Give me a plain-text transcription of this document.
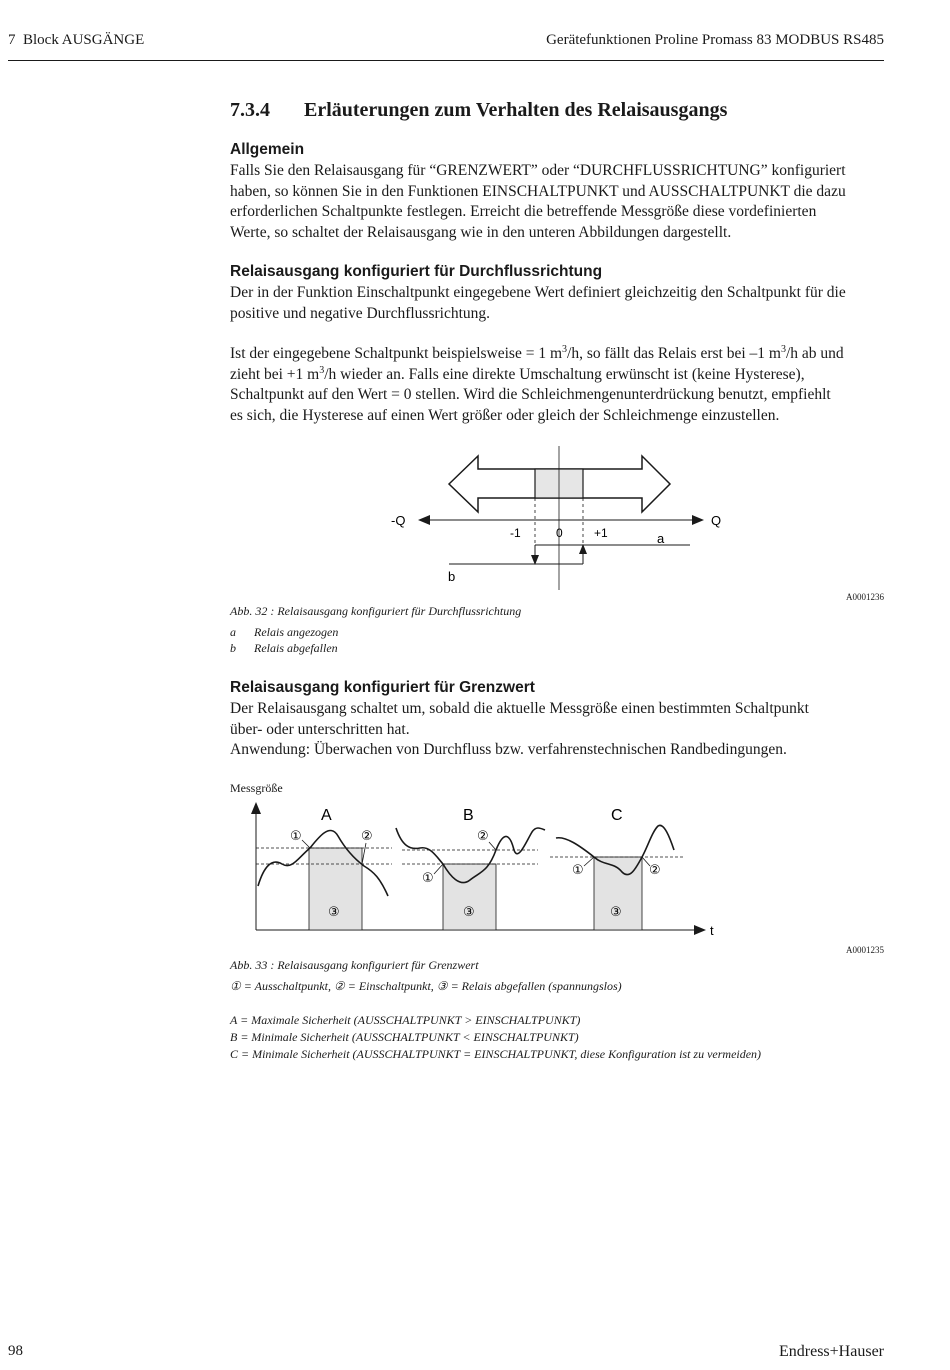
7 Block AUSGÄNGE	Gerätefunktionen Proline Promass 83 MODBUS RS485
7.3.4 Erläuterungen zum Verhalten des Relaisausgangs
Allgemein
Falls Sie den Relaisausgang für “GRENZWERT” oder “DURCHFLUSSRICHTUNG” konfiguriert
haben, so können Sie in den Funktionen EINSCHALTPUNKT und AUSSCHALTPUNKT die dazu
erforderlichen Schaltpunkte festlegen. Erreicht die betreffende Messgröße diese vordefinierten
Werte, so schaltet der Relaisausgang wie in den unteren Abbildungen dargestellt.
Relaisausgang konfiguriert für Durchflussrichtung
Der in der Funktion Einschaltpunkt eingegebene Wert definiert gleichzeitig den Schaltpunkt für die
positive und negative Durchflussrichtung.
Ist der eingegebene Schaltpunkt beispielsweise = 1 $m^3/h$, so fällt das Relais erst bei –1 $m^3/h$ ab und
zieht bei +1 $m^3/h$ wieder an. Falls eine direkte Umschaltung erwünscht ist (keine Hysterese),
Schaltpunkt auf den Wert = 0 stellen. Wird die Schleichmengenunterdrückung benutzt, empfiehlt
es sich, die Hysterese auf einen Wert größer oder gleich der Schleichmenge einzustellen.
-Q	Q
-1	0	+1	a
b
A0001236
Abb. 32 : Relaisausgang konfiguriert für Durchflussrichtung
a	Relais angezogen
b	Relais abgefallen
Relaisausgang konfiguriert für Grenzwert
Der Relaisausgang schaltet um, sobald die aktuelle Messgröße einen bestimmten Schaltpunkt
über- oder unterschritten hat.
Anwendung: Überwachen von Durchfluss bzw. verfahrenstechnischen Randbedingungen.
Messgröße
t
A
①	②
③
B
②
①
③
C
①	②
③
A0001235
Abb. 33 : Relaisausgang konfiguriert für Grenzwert
① = Ausschaltpunkt, ② = Einschaltpunkt, ③ = Relais abgefallen (spannungslos)
A = Maximale Sicherheit (AUSSCHALTPUNKT > EINSCHALTPUNKT)
B = Minimale Sicherheit (AUSSCHALTPUNKT < EINSCHALTPUNKT)
C = Minimale Sicherheit (AUSSCHALTPUNKT = EINSCHALTPUNKT, diese Konfiguration ist zu vermeiden)
98	Endress+Hauser
